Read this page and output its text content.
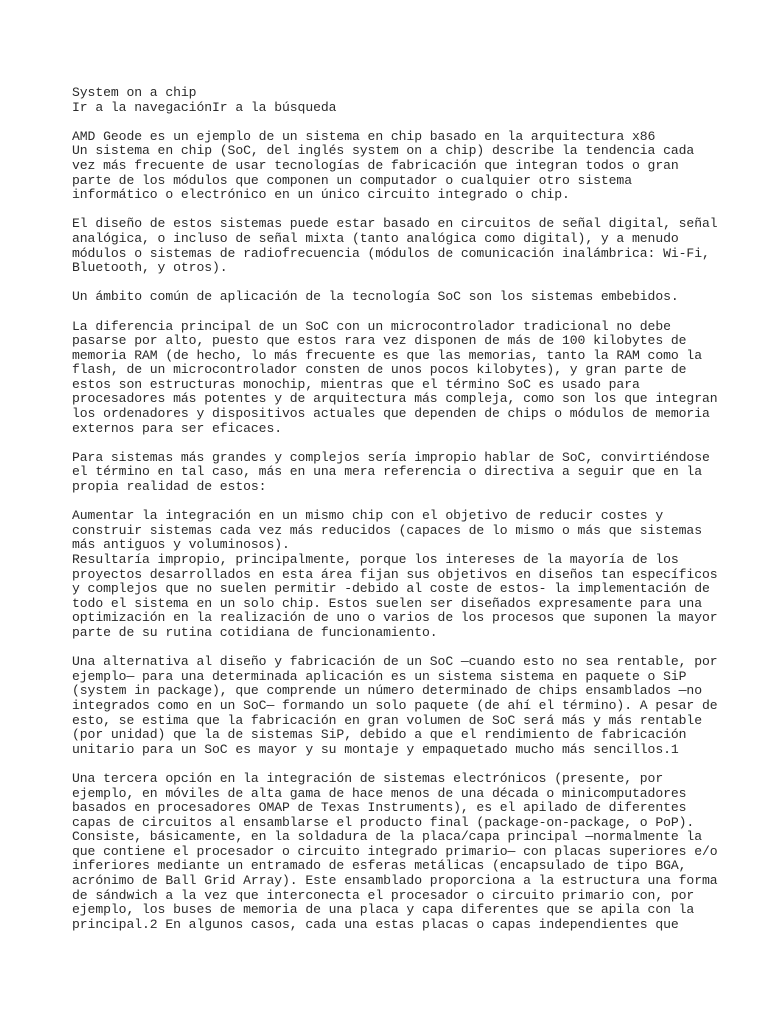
System on a chip
Ir a la navegaciónIr a la búsqueda
AMD Geode es un ejemplo de un sistema en chip basado en la arquitectura x86
Un sistema en chip (SoC, del inglés system on a chip) describe la tendencia cada
vez más frecuente de usar tecnologías de fabricación que integran todos o gran
parte de los módulos que componen un computador o cualquier otro sistema
informático o electrónico en un único circuito integrado o chip.
El diseño de estos sistemas puede estar basado en circuitos de señal digital, señal
analógica, o incluso de señal mixta (tanto analógica como digital), y a menudo
módulos o sistemas de radiofrecuencia (módulos de comunicación inalámbrica: Wi-Fi,
Bluetooth, y otros).
Un ámbito común de aplicación de la tecnología SoC son los sistemas embebidos.
La diferencia principal de un SoC con un microcontrolador tradicional no debe
pasarse por alto, puesto que estos rara vez disponen de más de 100 kilobytes de
memoria RAM (de hecho, lo más frecuente es que las memorias, tanto la RAM como la
flash, de un microcontrolador consten de unos pocos kilobytes), y gran parte de
estos son estructuras monochip, mientras que el término SoC es usado para
procesadores más potentes y de arquitectura más compleja, como son los que integran
los ordenadores y dispositivos actuales que dependen de chips o módulos de memoria
externos para ser eficaces.
Para sistemas más grandes y complejos sería impropio hablar de SoC, convirtiéndose
el término en tal caso, más en una mera referencia o directiva a seguir que en la
propia realidad de estos:
Aumentar la integración en un mismo chip con el objetivo de reducir costes y
construir sistemas cada vez más reducidos (capaces de lo mismo o más que sistemas
más antiguos y voluminosos).
Resultaría impropio, principalmente, porque los intereses de la mayoría de los
proyectos desarrollados en esta área fijan sus objetivos en diseños tan específicos
y complejos que no suelen permitir -debido al coste de estos- la implementación de
todo el sistema en un solo chip. Estos suelen ser diseñados expresamente para una
optimización en la realización de uno o varios de los procesos que suponen la mayor
parte de su rutina cotidiana de funcionamiento.
Una alternativa al diseño y fabricación de un SoC —cuando esto no sea rentable, por
ejemplo— para una determinada aplicación es un sistema sistema en paquete o SiP
(system in package), que comprende un número determinado de chips ensamblados —no
integrados como en un SoC— formando un solo paquete (de ahí el término). A pesar de
esto, se estima que la fabricación en gran volumen de SoC será más y más rentable
(por unidad) que la de sistemas SiP, debido a que el rendimiento de fabricación
unitario para un SoC es mayor y su montaje y empaquetado mucho más sencillos.1
Una tercera opción en la integración de sistemas electrónicos (presente, por
ejemplo, en móviles de alta gama de hace menos de una década o minicomputadores
basados en procesadores OMAP de Texas Instruments), es el apilado de diferentes
capas de circuitos al ensamblarse el producto final (package-on-package, o PoP).
Consiste, básicamente, en la soldadura de la placa/capa principal —normalmente la
que contiene el procesador o circuito integrado primario— con placas superiores e/o
inferiores mediante un entramado de esferas metálicas (encapsulado de tipo BGA,
acrónimo de Ball Grid Array). Este ensamblado proporciona a la estructura una forma
de sándwich a la vez que interconecta el procesador o circuito primario con, por
ejemplo, los buses de memoria de una placa y capa diferentes que se apila con la
principal.2 En algunos casos, cada una estas placas o capas independientes que
